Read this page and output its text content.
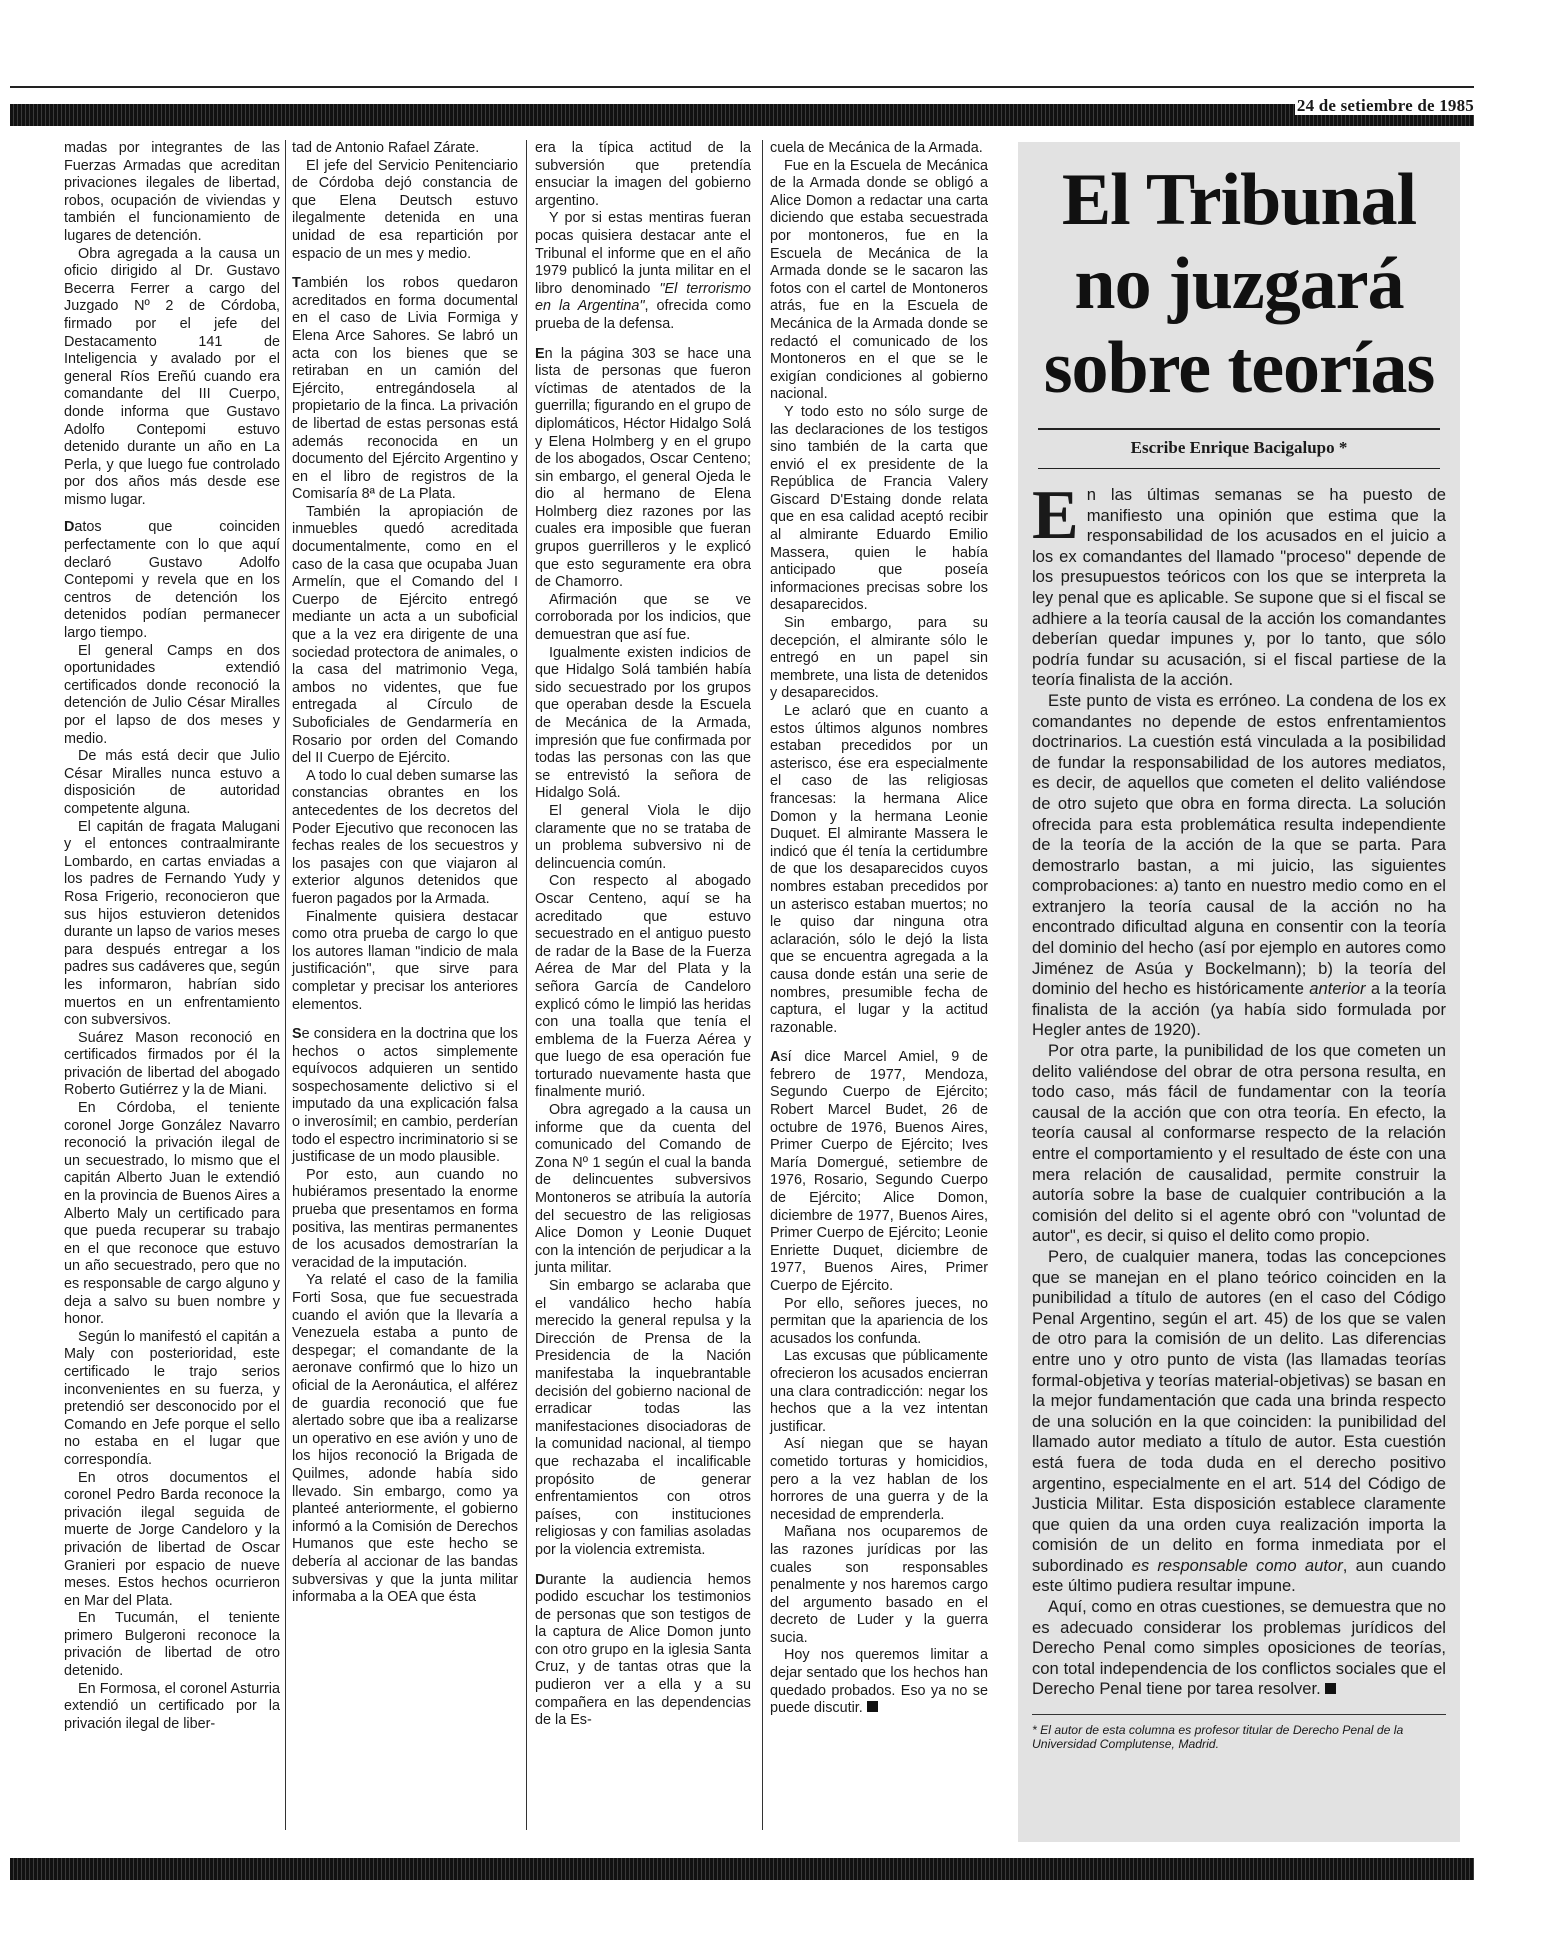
24 de setiembre de 1985

madas por integrantes de las Fuerzas Armadas que acreditan privaciones ilegales de libertad, robos, ocupación de viviendas y también el funcionamiento de lugares de detención.

Obra agregada a la causa un oficio dirigido al Dr. Gustavo Becerra Ferrer a cargo del Juzgado Nº 2 de Córdoba, firmado por el jefe del Destacamento 141 de Inteligencia y avalado por el general Ríos Ereñú cuando era comandante del III Cuerpo, donde informa que Gustavo Adolfo Contepomi estuvo detenido durante un año en La Perla, y que luego fue controlado por dos años más desde ese mismo lugar.

Datos que coinciden perfectamente con lo que aquí declaró Gustavo Adolfo Contepomi y revela que en los centros de detención los detenidos podían permanecer largo tiempo.

El general Camps en dos oportunidades extendió certificados donde reconoció la detención de Julio César Miralles por el lapso de dos meses y medio.

De más está decir que Julio César Miralles nunca estuvo a disposición de autoridad competente alguna.

El capitán de fragata Malugani y el entonces contraalmirante Lombardo, en cartas enviadas a los padres de Fernando Yudy y Rosa Frigerio, reconocieron que sus hijos estuvieron detenidos durante un lapso de varios meses para después entregar a los padres sus cadáveres que, según les informaron, habrían sido muertos en un enfrentamiento con subversivos.

Suárez Mason reconoció en certificados firmados por él la privación de libertad del abogado Roberto Gutiérrez y la de Miani.

En Córdoba, el teniente coronel Jorge González Navarro reconoció la privación ilegal de un secuestrado, lo mismo que el capitán Alberto Juan le extendió en la provincia de Buenos Aires a Alberto Maly un certificado para que pueda recuperar su trabajo en el que reconoce que estuvo un año secuestrado, pero que no es responsable de cargo alguno y deja a salvo su buen nombre y honor.

Según lo manifestó el capitán a Maly con posterioridad, este certificado le trajo serios inconvenientes en su fuerza, y pretendió ser desconocido por el Comando en Jefe porque el sello no estaba en el lugar que correspondía.

En otros documentos el coronel Pedro Barda reconoce la privación ilegal seguida de muerte de Jorge Candeloro y la privación de libertad de Oscar Granieri por espacio de nueve meses. Estos hechos ocurrieron en Mar del Plata.

En Tucumán, el teniente primero Bulgeroni reconoce la privación de libertad de otro detenido.

En Formosa, el coronel Asturria extendió un certificado por la privación ilegal de liber-

tad de Antonio Rafael Zárate.

El jefe del Servicio Penitenciario de Córdoba dejó constancia de que Elena Deutsch estuvo ilegalmente detenida en una unidad de esa repartición por espacio de un mes y medio.

También los robos quedaron acreditados en forma documental en el caso de Livia Formiga y Elena Arce Sahores. Se labró un acta con los bienes que se retiraban en un camión del Ejército, entregándosela al propietario de la finca. La privación de libertad de estas personas está además reconocida en un documento del Ejército Argentino y en el libro de registros de la Comisaría 8ª de La Plata.

También la apropiación de inmuebles quedó acreditada documentalmente, como en el caso de la casa que ocupaba Juan Armelín, que el Comando del I Cuerpo de Ejército entregó mediante un acta a un suboficial que a la vez era dirigente de una sociedad protectora de animales, o la casa del matrimonio Vega, ambos no videntes, que fue entregada al Círculo de Suboficiales de Gendarmería en Rosario por orden del Comando del II Cuerpo de Ejército.

A todo lo cual deben sumarse las constancias obrantes en los antecedentes de los decretos del Poder Ejecutivo que reconocen las fechas reales de los secuestros y los pasajes con que viajaron al exterior algunos detenidos que fueron pagados por la Armada.

Finalmente quisiera destacar como otra prueba de cargo lo que los autores llaman "indicio de mala justificación", que sirve para completar y precisar los anteriores elementos.

Se considera en la doctrina que los hechos o actos simplemente equívocos adquieren un sentido sospechosamente delictivo si el imputado da una explicación falsa o inverosímil; en cambio, perderían todo el espectro incriminatorio si se justificase de un modo plausible.

Por esto, aun cuando no hubiéramos presentado la enorme prueba que presentamos en forma positiva, las mentiras permanentes de los acusados demostrarían la veracidad de la imputación.

Ya relaté el caso de la familia Forti Sosa, que fue secuestrada cuando el avión que la llevaría a Venezuela estaba a punto de despegar; el comandante de la aeronave confirmó que lo hizo un oficial de la Aeronáutica, el alférez de guardia reconoció que fue alertado sobre que iba a realizarse un operativo en ese avión y uno de los hijos reconoció la Brigada de Quilmes, adonde había sido llevado. Sin embargo, como ya planteé anteriormente, el gobierno informó a la Comisión de Derechos Humanos que este hecho se debería al accionar de las bandas subversivas y que la junta militar informaba a la OEA que ésta

era la típica actitud de la subversión que pretendía ensuciar la imagen del gobierno argentino.

Y por si estas mentiras fueran pocas quisiera destacar ante el Tribunal el informe que en el año 1979 publicó la junta militar en el libro denominado "El terrorismo en la Argentina", ofrecida como prueba de la defensa.

En la página 303 se hace una lista de personas que fueron víctimas de atentados de la guerrilla; figurando en el grupo de diplomáticos, Héctor Hidalgo Solá y Elena Holmberg y en el grupo de los abogados, Oscar Centeno; sin embargo, el general Ojeda le dio al hermano de Elena Holmberg diez razones por las cuales era imposible que fueran grupos guerrilleros y le explicó que esto seguramente era obra de Chamorro.

Afirmación que se ve corroborada por los indicios, que demuestran que así fue.

Igualmente existen indicios de que Hidalgo Solá también había sido secuestrado por los grupos que operaban desde la Escuela de Mecánica de la Armada, impresión que fue confirmada por todas las personas con las que se entrevistó la señora de Hidalgo Solá.

El general Viola le dijo claramente que no se trataba de un problema subversivo ni de delincuencia común.

Con respecto al abogado Oscar Centeno, aquí se ha acreditado que estuvo secuestrado en el antiguo puesto de radar de la Base de la Fuerza Aérea de Mar del Plata y la señora García de Candeloro explicó cómo le limpió las heridas con una toalla que tenía el emblema de la Fuerza Aérea y que luego de esa operación fue torturado nuevamente hasta que finalmente murió.

Obra agregado a la causa un informe que da cuenta del comunicado del Comando de Zona Nº 1 según el cual la banda de delincuentes subversivos Montoneros se atribuía la autoría del secuestro de las religiosas Alice Domon y Leonie Duquet con la intención de perjudicar a la junta militar.

Sin embargo se aclaraba que el vandálico hecho había merecido la general repulsa y la Dirección de Prensa de la Presidencia de la Nación manifestaba la inquebrantable decisión del gobierno nacional de erradicar todas las manifestaciones disociadoras de la comunidad nacional, al tiempo que rechazaba el incalificable propósito de generar enfrentamientos con otros países, con instituciones religiosas y con familias asoladas por la violencia extremista.

Durante la audiencia hemos podido escuchar los testimonios de personas que son testigos de la captura de Alice Domon junto con otro grupo en la iglesia Santa Cruz, y de tantas otras que la pudieron ver a ella y a su compañera en las dependencias de la Es-

cuela de Mecánica de la Armada.

Fue en la Escuela de Mecánica de la Armada donde se obligó a Alice Domon a redactar una carta diciendo que estaba secuestrada por montoneros, fue en la Escuela de Mecánica de la Armada donde se le sacaron las fotos con el cartel de Montoneros atrás, fue en la Escuela de Mecánica de la Armada donde se redactó el comunicado de los Montoneros en el que se le exigían condiciones al gobierno nacional.

Y todo esto no sólo surge de las declaraciones de los testigos sino también de la carta que envió el ex presidente de la República de Francia Valery Giscard D'Estaing donde relata que en esa calidad aceptó recibir al almirante Eduardo Emilio Massera, quien le había anticipado que poseía informaciones precisas sobre los desaparecidos.

Sin embargo, para su decepción, el almirante sólo le entregó en un papel sin membrete, una lista de detenidos y desaparecidos.

Le aclaró que en cuanto a estos últimos algunos nombres estaban precedidos por un asterisco, ése era especialmente el caso de las religiosas francesas: la hermana Alice Domon y la hermana Leonie Duquet. El almirante Massera le indicó que él tenía la certidumbre de que los desaparecidos cuyos nombres estaban precedidos por un asterisco estaban muertos; no le quiso dar ninguna otra aclaración, sólo le dejó la lista que se encuentra agregada a la causa donde están una serie de nombres, presumible fecha de captura, el lugar y la actitud razonable.

Así dice Marcel Amiel, 9 de febrero de 1977, Mendoza, Segundo Cuerpo de Ejército; Robert Marcel Budet, 26 de octubre de 1976, Buenos Aires, Primer Cuerpo de Ejército; Ives María Domergué, setiembre de 1976, Rosario, Segundo Cuerpo de Ejército; Alice Domon, diciembre de 1977, Buenos Aires, Primer Cuerpo de Ejército; Leonie Enriette Duquet, diciembre de 1977, Buenos Aires, Primer Cuerpo de Ejército.

Por ello, señores jueces, no permitan que la apariencia de los acusados los confunda.

Las excusas que públicamente ofrecieron los acusados encierran una clara contradicción: negar los hechos que a la vez intentan justificar.

Así niegan que se hayan cometido torturas y homicidios, pero a la vez hablan de los horrores de una guerra y de la necesidad de emprenderla.

Mañana nos ocuparemos de las razones jurídicas por las cuales son responsables penalmente y nos haremos cargo del argumento basado en el decreto de Luder y la guerra sucia.

Hoy nos queremos limitar a dejar sentado que los hechos han quedado probados. Eso ya no se puede discutir.

El Tribunal
no juzgará
sobre teorías
Escribe Enrique Bacigalupo *

En las últimas semanas se ha puesto de manifiesto una opinión que estima que la responsabilidad de los acusados en el juicio a los ex comandantes del llamado "proceso" depende de los presupuestos teóricos con los que se interpreta la ley penal que es aplicable. Se supone que si el fiscal se adhiere a la teoría causal de la acción los comandantes deberían quedar impunes y, por lo tanto, que sólo podría fundar su acusación, si el fiscal partiese de la teoría finalista de la acción.

Este punto de vista es erróneo. La condena de los ex comandantes no depende de estos enfrentamientos doctrinarios. La cuestión está vinculada a la posibilidad de fundar la responsabilidad de los autores mediatos, es decir, de aquellos que cometen el delito valiéndose de otro sujeto que obra en forma directa. La solución ofrecida para esta problemática resulta independiente de la teoría de la acción de la que se parta. Para demostrarlo bastan, a mi juicio, las siguientes comprobaciones: a) tanto en nuestro medio como en el extranjero la teoría causal de la acción no ha encontrado dificultad alguna en consentir con la teoría del dominio del hecho (así por ejemplo en autores como Jiménez de Asúa y Bockelmann); b) la teoría del dominio del hecho es históricamente anterior a la teoría finalista de la acción (ya había sido formulada por Hegler antes de 1920).

Por otra parte, la punibilidad de los que cometen un delito valiéndose del obrar de otra persona resulta, en todo caso, más fácil de fundamentar con la teoría causal de la acción que con otra teoría. En efecto, la teoría causal al conformarse respecto de la relación entre el comportamiento y el resultado de éste con una mera relación de causalidad, permite construir la autoría sobre la base de cualquier contribución a la comisión del delito si el agente obró con "voluntad de autor", es decir, si quiso el delito como propio.

Pero, de cualquier manera, todas las concepciones que se manejan en el plano teórico coinciden en la punibilidad a título de autores (en el caso del Código Penal Argentino, según el art. 45) de los que se valen de otro para la comisión de un delito. Las diferencias entre uno y otro punto de vista (las llamadas teorías formal-objetiva y teorías material-objetivas) se basan en la mejor fundamentación que cada una brinda respecto de una solución en la que coinciden: la punibilidad del llamado autor mediato a título de autor. Esta cuestión está fuera de toda duda en el derecho positivo argentino, especialmente en el art. 514 del Código de Justicia Militar. Esta disposición establece claramente que quien da una orden cuya realización importa la comisión de un delito en forma inmediata por el subordinado es responsable como autor, aun cuando este último pudiera resultar impune.

Aquí, como en otras cuestiones, se demuestra que no es adecuado considerar los problemas jurídicos del Derecho Penal como simples oposiciones de teorías, con total independencia de los conflictos sociales que el Derecho Penal tiene por tarea resolver.

* El autor de esta columna es profesor titular de Derecho Penal de la Universidad Complutense, Madrid.
